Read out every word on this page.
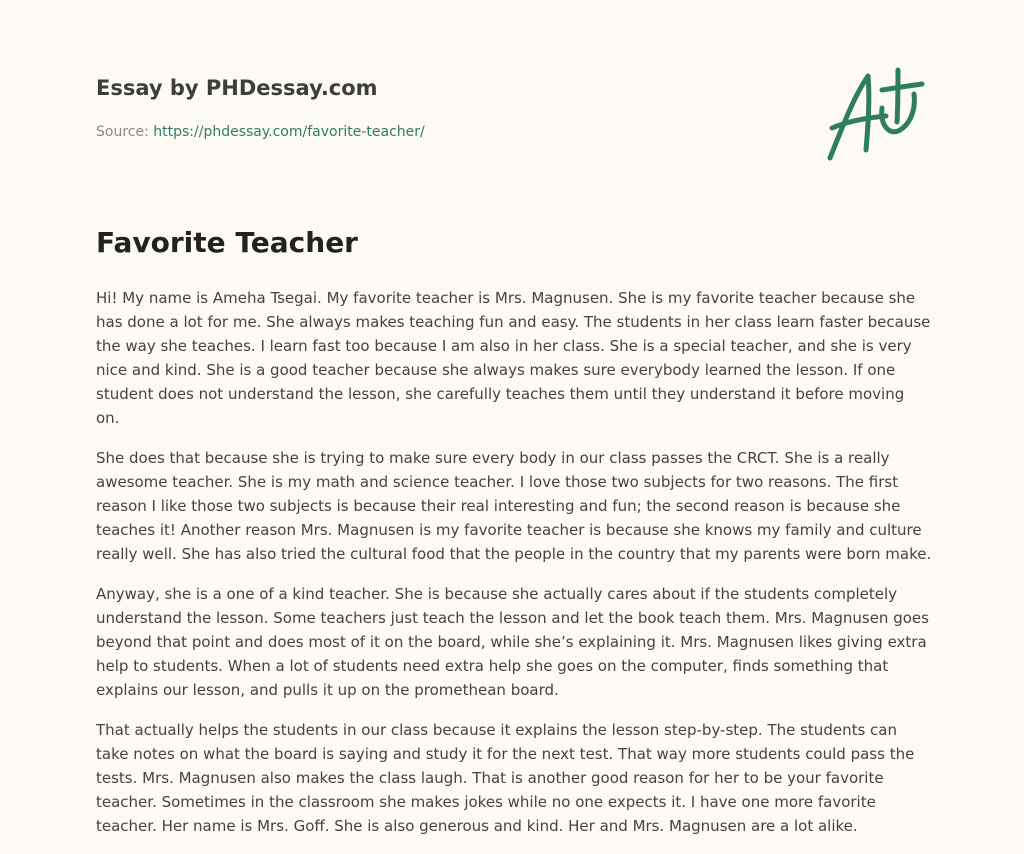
Essay by PHDessay.com
Source: https://phdessay.com/favorite-teacher/
Favorite Teacher

Hi! My name is Ameha Tsegai. My favorite teacher is Mrs. Magnusen. She is my favorite teacher because she has done a lot for me. She always makes teaching fun and easy. The students in her class learn faster because the way she teaches. I learn fast too because I am also in her class. She is a special teacher, and she is very nice and kind. She is a good teacher because she always makes sure everybody learned the lesson. If one student does not understand the lesson, she carefully teaches them until they understand it before moving on.

She does that because she is trying to make sure every body in our class passes the CRCT. She is a really awesome teacher. She is my math and science teacher. I love those two subjects for two reasons. The first reason I like those two subjects is because their real interesting and fun; the second reason is because she teaches it! Another reason Mrs. Magnusen is my favorite teacher is because she knows my family and culture really well. She has also tried the cultural food that the people in the country that my parents were born make.

Anyway, she is a one of a kind teacher. She is because she actually cares about if the students completely understand the lesson. Some teachers just teach the lesson and let the book teach them. Mrs. Magnusen goes beyond that point and does most of it on the board, while she’s explaining it. Mrs. Magnusen likes giving extra help to students. When a lot of students need extra help she goes on the computer, finds something that explains our lesson, and pulls it up on the promethean board.

That actually helps the students in our class because it explains the lesson step-by-step. The students can take notes on what the board is saying and study it for the next test. That way more students could pass the tests. Mrs. Magnusen also makes the class laugh. That is another good reason for her to be your favorite teacher. Sometimes in the classroom she makes jokes while no one expects it. I have one more favorite teacher. Her name is Mrs. Goff. She is also generous and kind. Her and Mrs. Magnusen are a lot alike.
